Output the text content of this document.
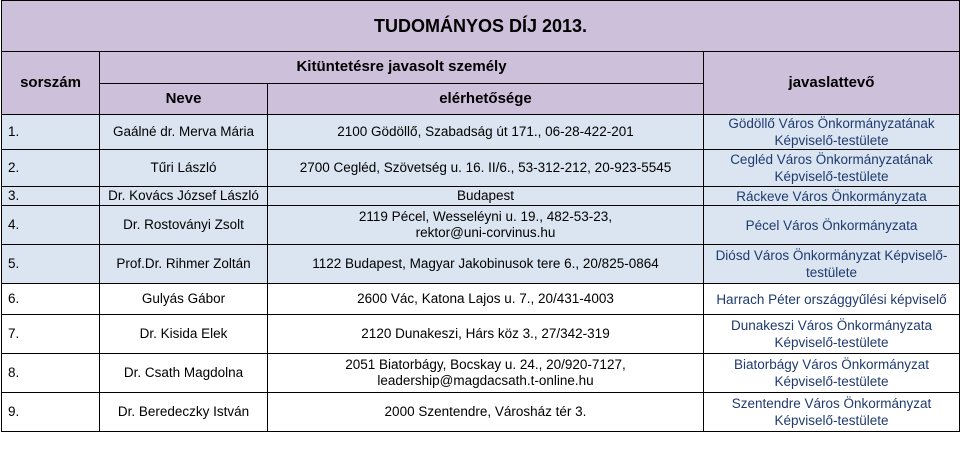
TUDOMÁNYOS DÍJ 2013.			
sorszám	Kitüntetésre javasolt személy		javaslattevő
	Neve	elérhetősége	
1.	Gaálné dr. Merva Mária	2100 Gödöllő, Szabadság út 171., 06-28-422-201	Gödöllő Város Önkormányzatának Képviselő-testülete
2.	Tűri László	2700 Cegléd, Szövetség u. 16. II/6., 53-312-212, 20-923-5545	Cegléd Város Önkormányzatának Képviselő-testülete
3.	Dr. Kovács József László	Budapest	Ráckeve Város Önkormányzata
4.	Dr. Rostoványi Zsolt	2119 Pécel, Wesseléyni u. 19., 482-53-23, rektor@uni-corvinus.hu	Pécel Város Önkormányzata
5.	Prof.Dr. Rihmer Zoltán	1122 Budapest, Magyar Jakobinusok tere 6., 20/825-0864	Diósd Város Önkormányzat Képviselő-testülete
6.	Gulyás Gábor	2600 Vác, Katona Lajos u. 7., 20/431-4003	Harrach Péter országgyűlési képviselő
7.	Dr. Kisida Elek	2120 Dunakeszi, Hárs köz 3., 27/342-319	Dunakeszi Város Önkormányzata Képviselő-testülete
8.	Dr. Csath Magdolna	2051 Biatorbágy, Bocskay u. 24., 20/920-7127, leadership@magdacsath.t-online.hu	Biatorbágy Város Önkormányzat Képviselő-testülete
9.	Dr. Beredeczky István	2000 Szentendre, Városház tér 3.	Szentendre Város Önkormányzat Képviselő-testülete
